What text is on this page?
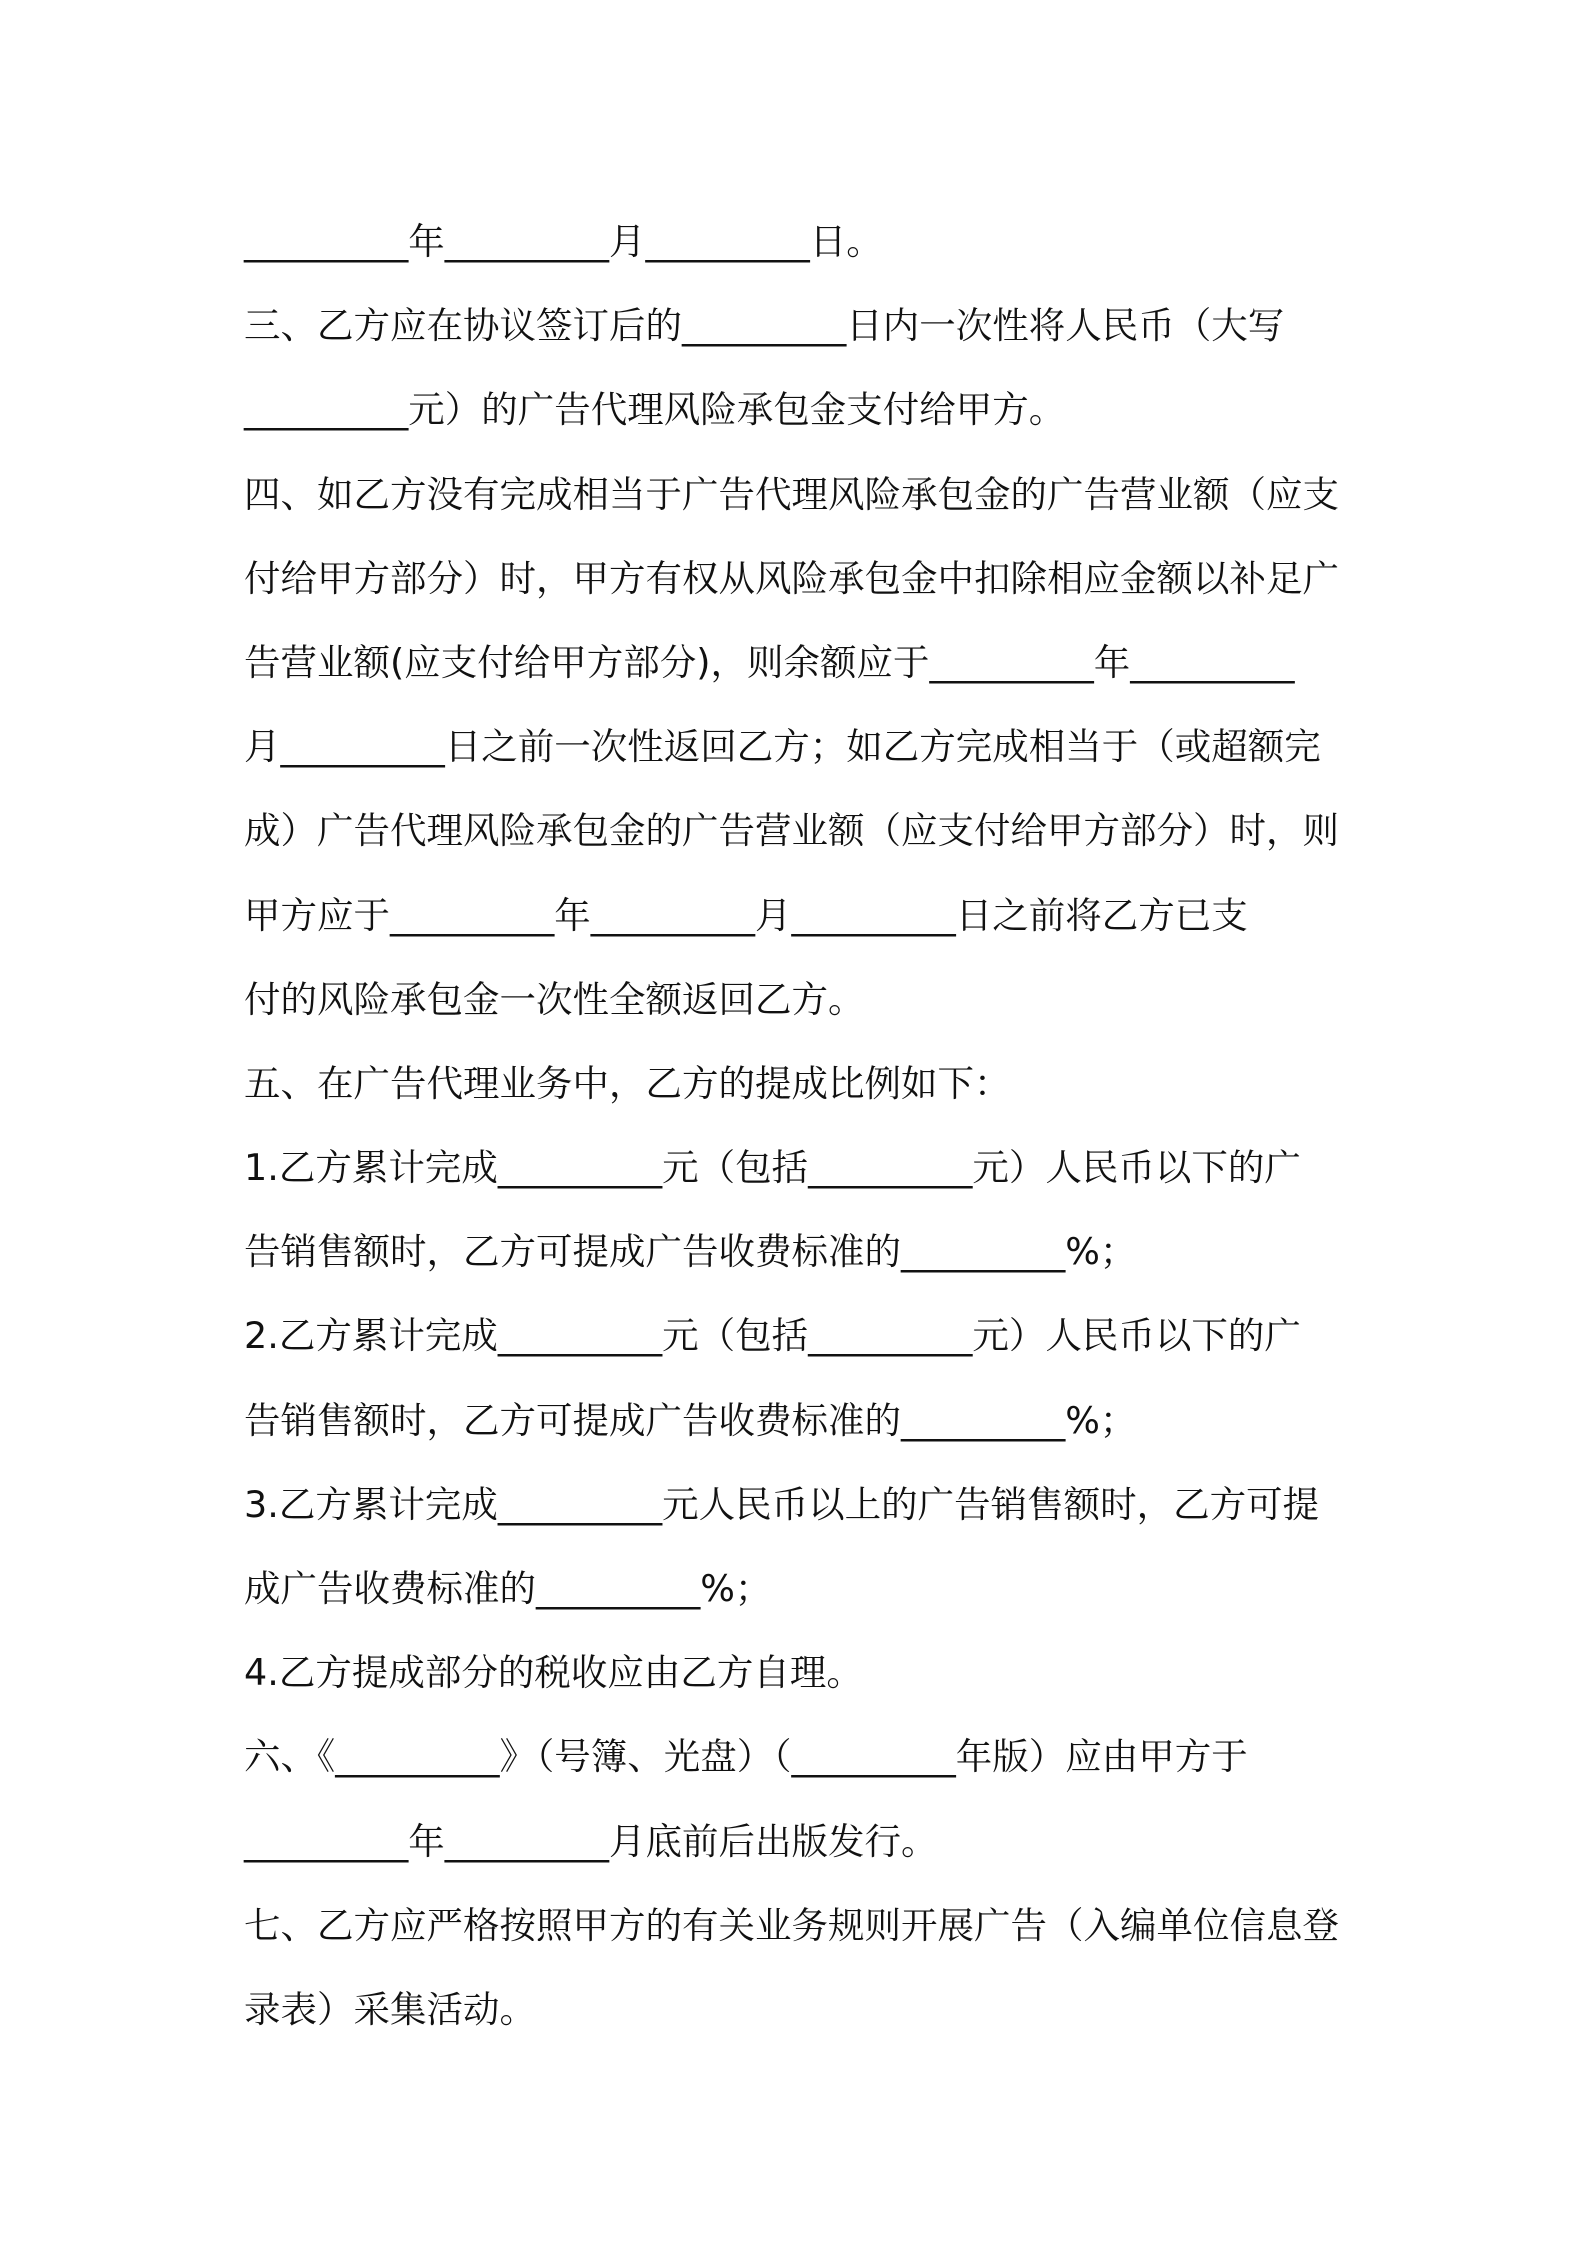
_________年_________月_________日。
三、乙方应在协议签订后的_________日内一次性将人民币（大写
_________元）的广告代理风险承包金支付给甲方。
四、如乙方没有完成相当于广告代理风险承包金的广告营业额（应支
付给甲方部分）时，甲方有权从风险承包金中扣除相应金额以补足广
告营业额(应支付给甲方部分)，则余额应于_________年_________
月_________日之前一次性返回乙方；如乙方完成相当于（或超额完
成）广告代理风险承包金的广告营业额（应支付给甲方部分）时，则
甲方应于_________年_________月_________日之前将乙方已支
付的风险承包金一次性全额返回乙方。
五、在广告代理业务中，乙方的提成比例如下：
1.乙方累计完成_________元（包括_________元）人民币以下的广
告销售额时，乙方可提成广告收费标准的_________%；
2.乙方累计完成_________元（包括_________元）人民币以下的广
告销售额时，乙方可提成广告收费标准的_________%；
3.乙方累计完成_________元人民币以上的广告销售额时，乙方可提
成广告收费标准的_________%；
4.乙方提成部分的税收应由乙方自理。
六、《_________》（号簿、光盘）（_________年版）应由甲方于
_________年_________月底前后出版发行。
七、乙方应严格按照甲方的有关业务规则开展广告（入编单位信息登
录表）采集活动。
